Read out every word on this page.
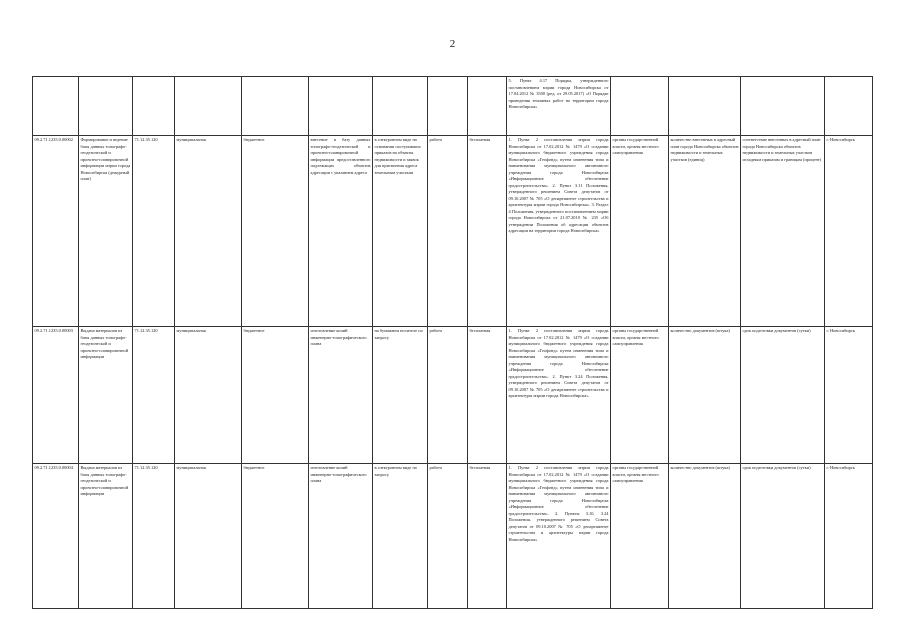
2
									5. Пункт 4.17 Порядка, утвержденного постановлением мэрии города Новосибирска от 17.04.2012 № 3500 (ред. от 29.05.2017) «О Порядке проведения земляных работ на территории города Новосибирска»				
09.2.71.1235.0.00002	Формирование и ведение базы данных топографо-геодезической и проектно-планировочной информации мэрии города Новосибирска (дежурный план)	71.12.35.120	муниципальная	бюджетное	внесение в базу данных топографо-геодезической и проектно-планировочной информации предоставленного подлежащих объектов адресации с указанием адреса	в электронном виде на основании поступивших приказов на объекты недвижимости и заявок для присвоения адреса земельным участкам	работа	бесплатная	1. Пункт 2 постановления мэрии города Новосибирска от 17.02.2012 № 1479 «О создании муниципального бюджетного учреждения города Новосибирска «Геофонд» путем изменения типа и наименования муниципального автономного учреждения города Новосибирска «Информационное обеспечение градостроительства». 2. Пункт 3.11 Положения, утвержденного решением Совета депутатов от 09.10.2007 № 705 «О департаменте строительства и архитектуры мэрии города Новосибирска». 3. Раздел 4 Положения, утвержденного постановлением мэрии города Новосибирска от 21.07.2010 № 235 «Об утверждении Положения об адресации объектов адресации на территории города Новосибирска»	органы государственной власти, органы местного самоуправления	количество внесенных в адресный план города Новосибирска объектов недвижимости и земельных участков (единиц)	соответствие внесенных в адресный план города Новосибирска объектов недвижимости и земельных участков исходным приказам и границам (процент)	г. Новосибирск
09.2.71.1235.0.00003	Выдача материалов из базы данных топографо-геодезической и проектно-планировочной информации	71.12.35.120	муниципальная	бюджетное	изготовление копий инженерно-топографического плана	на бумажном носителе по запросу	работа	бесплатная	1. Пункт 2 постановления мэрии города Новосибирска от 17.02.2012 № 1479 «О создании муниципального бюджетного учреждения города Новосибирска «Геофонд» путем изменения типа и наименования муниципального автономного учреждения города Новосибирска «Информационное обеспечение градостроительства». 2. Пункт 3.24 Положения, утвержденного решением Совета депутатов от 09.10.2007 № 705 «О департаменте строительства и архитектуры мэрии города Новосибирска».	органы государственной власти, органы местного самоуправления	количество документов (штука)	срок подготовки документов (сутки)	г. Новосибирск
09.2.71.1235.0.00004	Выдача материалов из базы данных топографо-геодезической и проектно-планировочной информации	71.12.35.120	муниципальная	бюджетное	изготовление копий инженерно-топографического плана	в электронном виде по запросу	работа	бесплатная	1. Пункт 2 постановления мэрии города Новосибирска от 17.02.2012 № 1479 «О создании муниципального бюджетного учреждения города Новосибирска «Геофонд» путем изменения типа и наименования муниципального автономного учреждения города Новосибирска «Информационное обеспечение градостроительства». 2. Пункты 3.10, 3.24 Положения, утвержденного решением Совета депутатов от 09.10.2007 № 705 «О департаменте строительства и архитектуры мэрии города Новосибирска»	органы государственной власти, органы местного самоуправления	количество документов (штука)	срок подготовки документов (сутки)	г. Новосибирск
